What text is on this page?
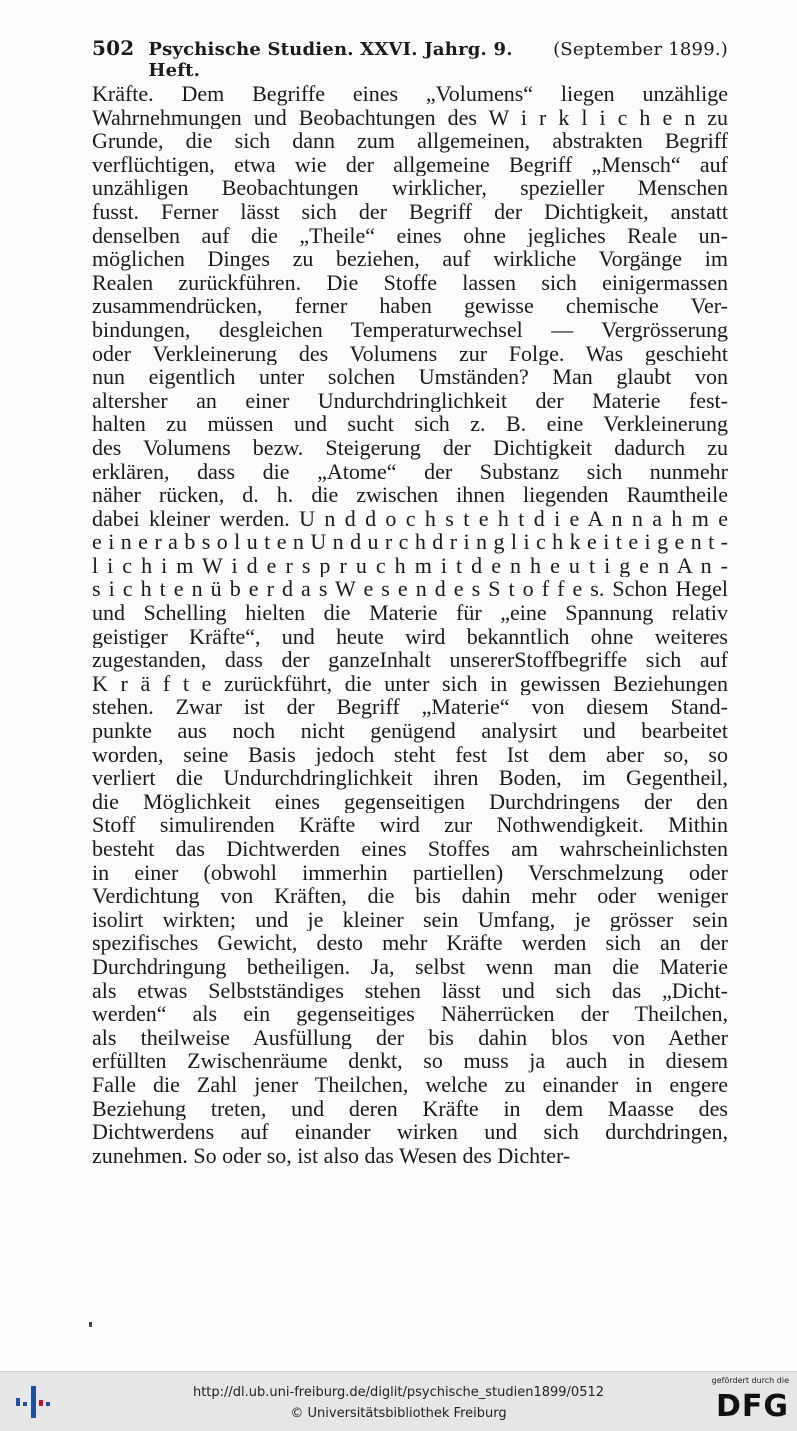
502 Psychische Studien. XXVI. Jahrg. 9. Heft.
(September 1899.)
Kräfte. Dem Begriffe eines „Volumens“ liegen unzählige
Wahrnehmungen und Beobachtungen des W i r k l i c h e n zu
Grunde, die sich dann zum allgemeinen, abstrakten Begriff
verflüchtigen, etwa wie der allgemeine Begriff „Mensch“ auf
unzähligen Beobachtungen wirklicher, spezieller Menschen
fusst. Ferner lässt sich der Begriff der Dichtigkeit, anstatt
denselben auf die „Theile“ eines ohne jegliches Reale un-
möglichen Dinges zu beziehen, auf wirkliche Vorgänge im
Realen zurückführen. Die Stoffe lassen sich einigermassen
zusammendrücken, ferner haben gewisse chemische Ver-
bindungen, desgleichen Temperaturwechsel — Vergrösserung
oder Verkleinerung des Volumens zur Folge. Was geschieht
nun eigentlich unter solchen Umständen? Man glaubt von
altersher an einer Undurchdringlichkeit der Materie fest-
halten zu müssen und sucht sich z. B. eine Verkleinerung
des Volumens bezw. Steigerung der Dichtigkeit dadurch zu
erklären, dass die „Atome“ der Substanz sich nunmehr
näher rücken, d. h. die zwischen ihnen liegenden Raumtheile
dabei kleiner werden. U n d d o c h s t e h t d i e A n n a h m e
e i n e r a b s o l u t e n U n d u r c h d r i n g l i c h k e i t e i g e n t -
l i c h i m W i d e r s p r u c h m i t d e n h e u t i g e n A n -
s i c h t e n ü b e r d a s W e s e n d e s S t o f f e s. Schon Hegel
und Schelling hielten die Materie für „eine Spannung relativ
geistiger Kräfte“, und heute wird bekanntlich ohne weiteres
zugestanden, dass der ganzeInhalt unsererStoffbegriffe sich auf
K r ä f t e zurückführt, die unter sich in gewissen Beziehungen
stehen. Zwar ist der Begriff „Materie“ von diesem Stand-
punkte aus noch nicht genügend analysirt und bearbeitet
worden, seine Basis jedoch steht fest Ist dem aber so, so
verliert die Undurchdringlichkeit ihren Boden, im Gegentheil,
die Möglichkeit eines gegenseitigen Durchdringens der den
Stoff simulirenden Kräfte wird zur Nothwendigkeit. Mithin
besteht das Dichtwerden eines Stoffes am wahrscheinlichsten
in einer (obwohl immerhin partiellen) Verschmelzung oder
Verdichtung von Kräften, die bis dahin mehr oder weniger
isolirt wirkten; und je kleiner sein Umfang, je grösser sein
spezifisches Gewicht, desto mehr Kräfte werden sich an der
Durchdringung betheiligen. Ja, selbst wenn man die Materie
als etwas Selbstständiges stehen lässt und sich das „Dicht-
werden“ als ein gegenseitiges Näherrücken der Theilchen,
als theilweise Ausfüllung der bis dahin blos von Aether
erfüllten Zwischenräume denkt, so muss ja auch in diesem
Falle die Zahl jener Theilchen, welche zu einander in engere
Beziehung treten, und deren Kräfte in dem Maasse des
Dichtwerdens auf einander wirken und sich durchdringen,
zunehmen. So oder so, ist also das Wesen des Dichter-
http://dl.ub.uni-freiburg.de/diglit/psychische_studien1899/0512
© Universitätsbibliothek Freiburg
gefördert durch die
DFG
